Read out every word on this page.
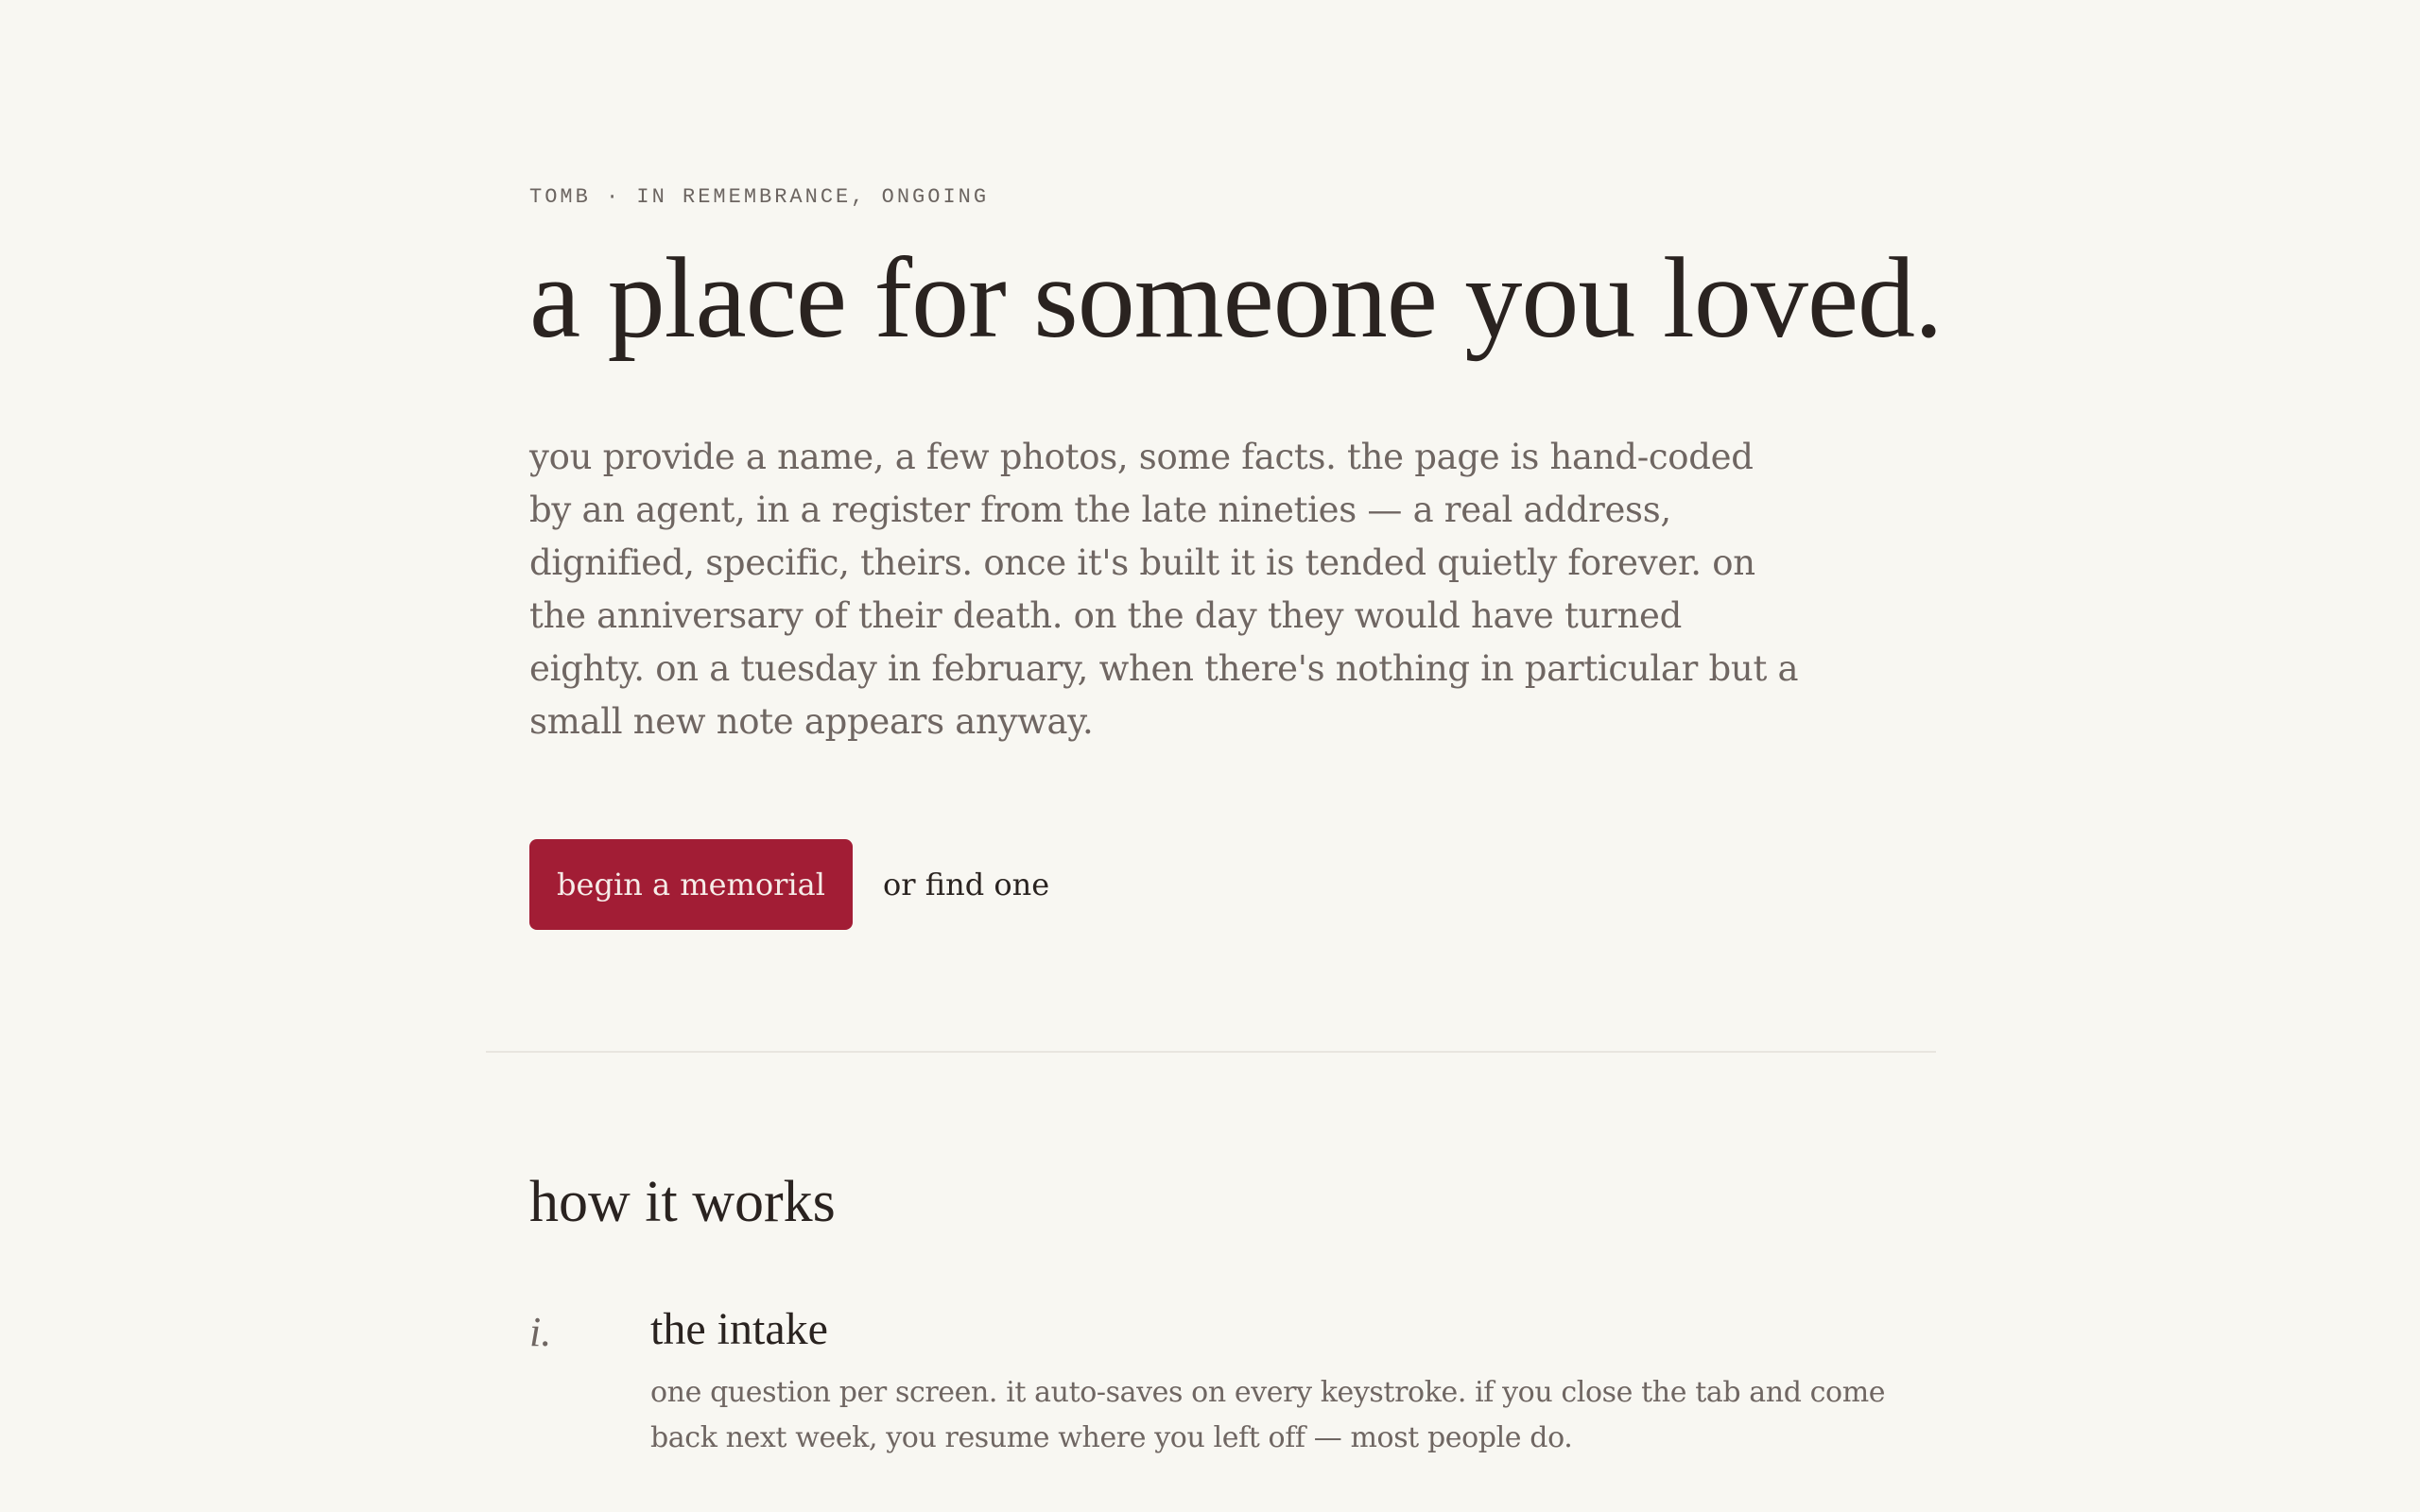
TOMB · IN REMEMBRANCE, ONGOING
a place for someone you loved.

you provide a name, a few photos, some facts. the page is hand-coded by an agent, in a register from the late nineties — a real address, dignified, specific, theirs. once it's built it is tended quietly forever. on the anniversary of their death. on the day they would have turned eighty. on a tuesday in february, when there's nothing in particular but a small new note appears anyway.

begin a memorial	or find one
how it works
i. the intake

one question per screen. it auto-saves on every keystroke. if you close the tab and come back next week, you resume where you left off — most people do.
